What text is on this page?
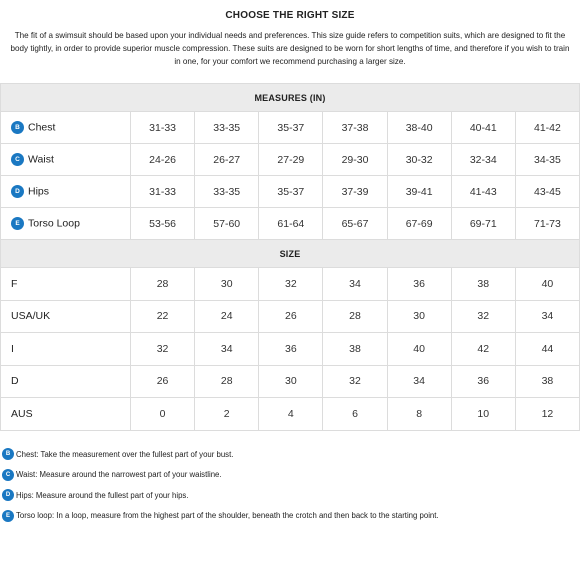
CHOOSE THE RIGHT SIZE
The fit of a swimsuit should be based upon your individual needs and preferences. This size guide refers to competition suits, which are designed to fit the body tightly, in order to provide superior muscle compression. These suits are designed to be worn for short lengths of time, and therefore if you wish to train in one, for your comfort we recommend purchasing a larger size.
MEASURES (IN)							
B Chest	31-33	33-35	35-37	37-38	38-40	40-41	41-42
C Waist	24-26	26-27	27-29	29-30	30-32	32-34	34-35
D Hips	31-33	33-35	35-37	37-39	39-41	41-43	43-45
E Torso Loop	53-56	57-60	61-64	65-67	67-69	69-71	71-73
SIZE							
F	28	30	32	34	36	38	40
USA/UK	22	24	26	28	30	32	34
I	32	34	36	38	40	42	44
D	26	28	30	32	34	36	38
AUS	0	2	4	6	8	10	12
B Chest: Take the measurement over the fullest part of your bust.
C Waist: Measure around the narrowest part of your waistline.
D Hips: Measure around the fullest part of your hips.
E Torso loop: In a loop, measure from the highest part of the shoulder, beneath the crotch and then back to the starting point.
